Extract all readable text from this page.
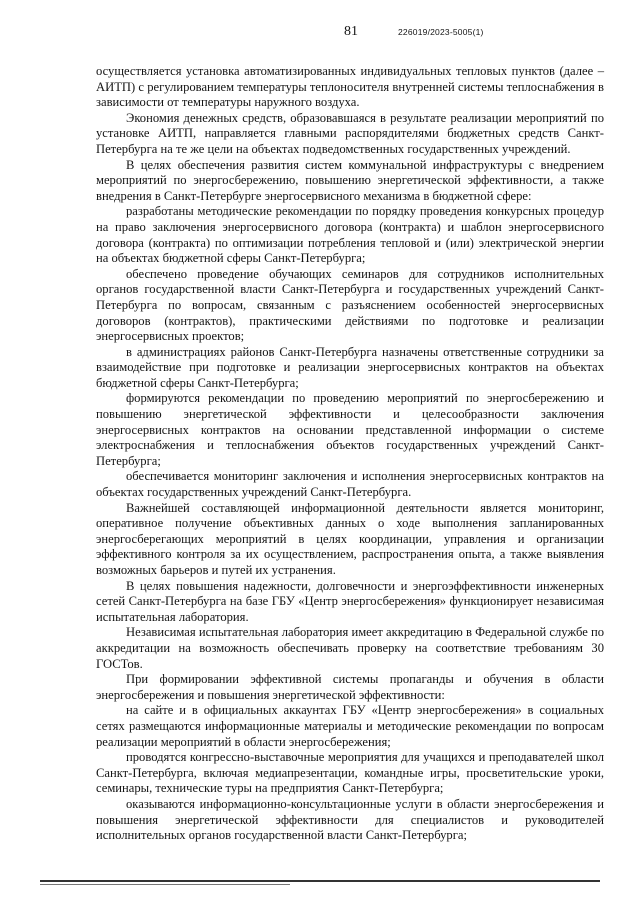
81	226019/2023-5005(1)

осуществляется установка автоматизированных индивидуальных тепловых пунктов (далее – АИТП) с регулированием температуры теплоносителя внутренней системы теплоснабжения в зависимости от температуры наружного воздуха.

Экономия денежных средств, образовавшаяся в результате реализации мероприятий по установке АИТП, направляется главными распорядителями бюджетных средств Санкт-Петербурга на те же цели на объектах подведомственных государственных учреждений.

В целях обеспечения развития систем коммунальной инфраструктуры с внедрением мероприятий по энергосбережению, повышению энергетической эффективности, а также внедрения в Санкт-Петербурге энергосервисного механизма в бюджетной сфере:

разработаны методические рекомендации по порядку проведения конкурсных процедур на право заключения энергосервисного договора (контракта) и шаблон энергосервисного договора (контракта) по оптимизации потребления тепловой и (или) электрической энергии на объектах бюджетной сферы Санкт-Петербурга;

обеспечено проведение обучающих семинаров для сотрудников исполнительных органов государственной власти Санкт-Петербурга и государственных учреждений Санкт-Петербурга по вопросам, связанным с разъяснением особенностей энергосервисных договоров (контрактов), практическими действиями по подготовке и реализации энергосервисных проектов;

в администрациях районов Санкт-Петербурга назначены ответственные сотрудники за взаимодействие при подготовке и реализации энергосервисных контрактов на объектах бюджетной сферы Санкт-Петербурга;

формируются рекомендации по проведению мероприятий по энергосбережению и повышению энергетической эффективности и целесообразности заключения энергосервисных контрактов на основании представленной информации о системе электроснабжения и теплоснабжения объектов государственных учреждений Санкт-Петербурга;

обеспечивается мониторинг заключения и исполнения энергосервисных контрактов на объектах государственных учреждений Санкт-Петербурга.

Важнейшей составляющей информационной деятельности является мониторинг, оперативное получение объективных данных о ходе выполнения запланированных энергосберегающих мероприятий в целях координации, управления и организации эффективного контроля за их осуществлением, распространения опыта, а также выявления возможных барьеров и путей их устранения.

В целях повышения надежности, долговечности и энергоэффективности инженерных сетей Санкт-Петербурга на базе ГБУ «Центр энергосбережения» функционирует независимая испытательная лаборатория.

Независимая испытательная лаборатория имеет аккредитацию в Федеральной службе по аккредитации на возможность обеспечивать проверку на соответствие требованиям 30 ГОСТов.

При формировании эффективной системы пропаганды и обучения в области энергосбережения и повышения энергетической эффективности:

на сайте и в официальных аккаунтах ГБУ «Центр энергосбережения» в социальных сетях размещаются информационные материалы и методические рекомендации по вопросам реализации мероприятий в области энергосбережения;

проводятся конгрессно-выставочные мероприятия для учащихся и преподавателей школ Санкт-Петербурга, включая медиапрезентации, командные игры, просветительские уроки, семинары, технические туры на предприятия Санкт-Петербурга;

оказываются информационно-консультационные услуги в области энергосбережения и повышения энергетической эффективности для специалистов и руководителей исполнительных органов государственной власти Санкт-Петербурга;
